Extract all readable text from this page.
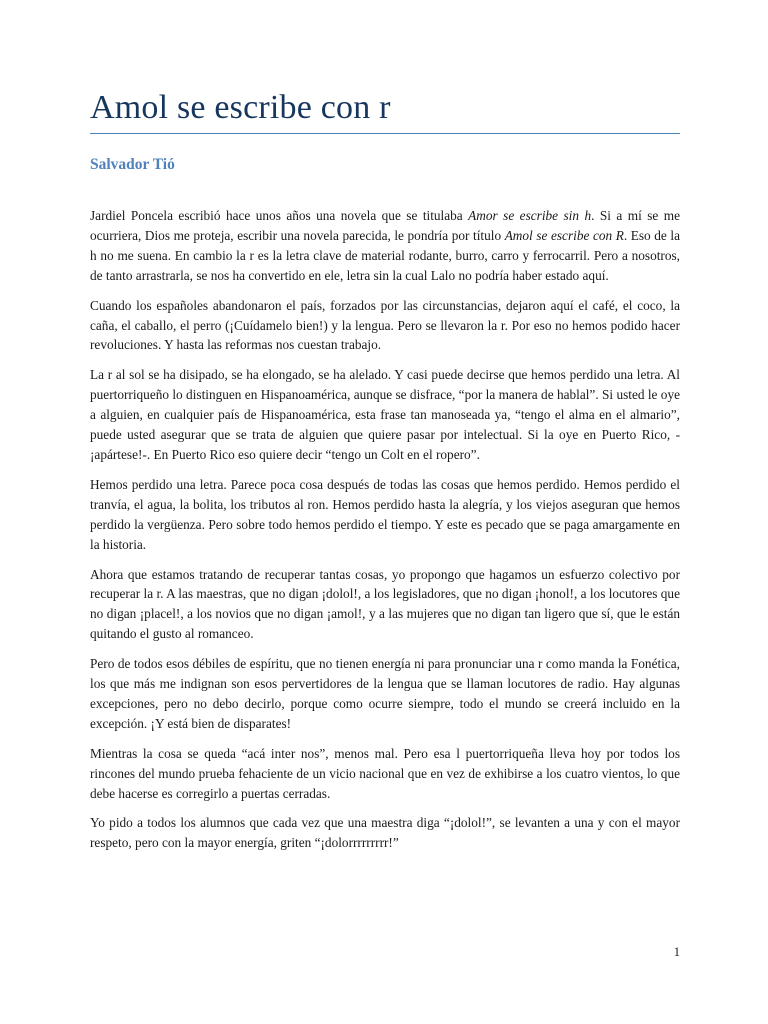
Amol se escribe con r

Salvador Tió

Jardiel Poncela escribió hace unos años una novela que se titulaba Amor se escribe sin h. Si a mí se me ocurriera, Dios me proteja, escribir una novela parecida, le pondría por título Amol se escribe con R. Eso de la h no me suena. En cambio la r es la letra clave de material rodante, burro, carro y ferrocarril. Pero a nosotros, de tanto arrastrarla, se nos ha convertido en ele, letra sin la cual Lalo no podría haber estado aquí.

Cuando los españoles abandonaron el país, forzados por las circunstancias, dejaron aquí el café, el coco, la caña, el caballo, el perro (¡Cuídamelo bien!) y la lengua. Pero se llevaron la r. Por eso no hemos podido hacer revoluciones. Y hasta las reformas nos cuestan trabajo.

La r al sol se ha disipado, se ha elongado, se ha alelado. Y casi puede decirse que hemos perdido una letra. Al puertorriqueño lo distinguen en Hispanoamérica, aunque se disfrace, “por la manera de hablal”. Si usted le oye a alguien, en cualquier país de Hispanoamérica, esta frase tan manoseada ya, “tengo el alma en el almario”, puede usted asegurar que se trata de alguien que quiere pasar por intelectual. Si la oye en Puerto Rico, -¡apártese!-. En Puerto Rico eso quiere decir “tengo un Colt en el ropero”.

Hemos perdido una letra. Parece poca cosa después de todas las cosas que hemos perdido. Hemos perdido el tranvía, el agua, la bolita, los tributos al ron. Hemos perdido hasta la alegría, y los viejos aseguran que hemos perdido la vergüenza. Pero sobre todo hemos perdido el tiempo. Y este es pecado que se paga amargamente en la historia.

Ahora que estamos tratando de recuperar tantas cosas, yo propongo que hagamos un esfuerzo colectivo por recuperar la r. A las maestras, que no digan ¡dolol!, a los legisladores, que no digan ¡honol!, a los locutores que no digan ¡placel!, a los novios que no digan ¡amol!, y a las mujeres que no digan tan ligero que sí, que le están quitando el gusto al romanceo.

Pero de todos esos débiles de espíritu, que no tienen energía ni para pronunciar una r como manda la Fonética, los que más me indignan son esos pervertidores de la lengua que se llaman locutores de radio. Hay algunas excepciones, pero no debo decirlo, porque como ocurre siempre, todo el mundo se creerá incluido en la excepción. ¡Y está bien de disparates!

Mientras la cosa se queda “acá inter nos”, menos mal. Pero esa l puertorriqueña lleva hoy por todos los rincones del mundo prueba fehaciente de un vicio nacional que en vez de exhibirse a los cuatro vientos, lo que debe hacerse es corregirlo a puertas cerradas.

Yo pido a todos los alumnos que cada vez que una maestra diga “¡dolol!”, se levanten a una y con el mayor respeto, pero con la mayor energía, griten “¡dolorrrrrrrrr!”

1
